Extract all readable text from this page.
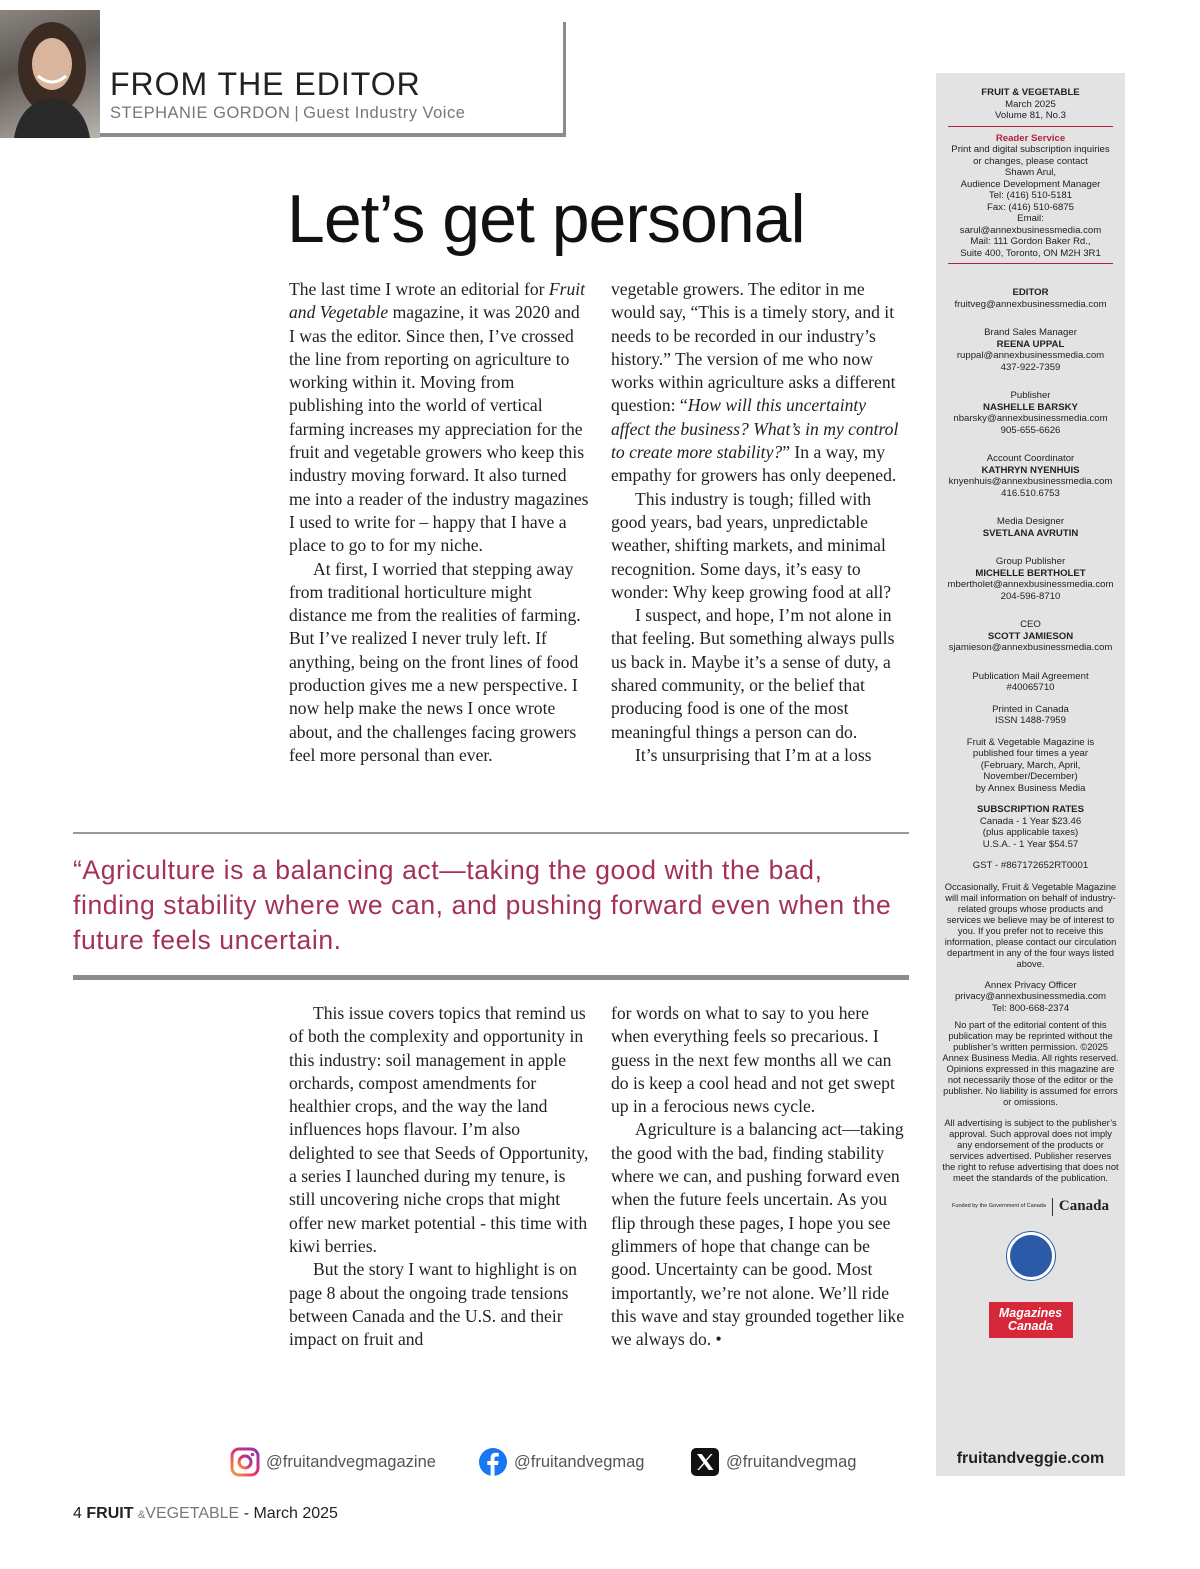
FROM THE EDITOR
STEPHANIE GORDON | Guest Industry Voice
Let’s get personal

The last time I wrote an editorial for Fruit and Vegetable magazine, it was 2020 and I was the editor. Since then, I’ve crossed the line from reporting on agriculture to working within it. Moving from publishing into the world of vertical farming increases my appreciation for the fruit and vegetable growers who keep this industry moving forward. It also turned me into a reader of the industry magazines I used to write for – happy that I have a place to go to for my niche.

At first, I worried that stepping away from traditional horticulture might distance me from the realities of farming. But I’ve realized I never truly left. If anything, being on the front lines of food production gives me a new perspective. I now help make the news I once wrote about, and the challenges facing growers feel more personal than ever.

vegetable growers. The editor in me would say, “This is a timely story, and it needs to be recorded in our industry’s history.” The version of me who now works within agriculture asks a different question: “How will this uncertainty affect the business? What’s in my control to create more stability?” In a way, my empathy for growers has only deepened.

This industry is tough; filled with good years, bad years, unpredictable weather, shifting markets, and minimal recognition. Some days, it’s easy to wonder: Why keep growing food at all?

I suspect, and hope, I’m not alone in that feeling. But something always pulls us back in. Maybe it’s a sense of duty, a shared community, or the belief that producing food is one of the most meaningful things a person can do.

It’s unsurprising that I’m at a loss

“Agriculture is a balancing act—taking the good with the bad, finding stability where we can, and pushing forward even when the future feels uncertain.

This issue covers topics that remind us of both the complexity and opportunity in this industry: soil management in apple orchards, compost amendments for healthier crops, and the way the land influences hops flavour. I’m also delighted to see that Seeds of Opportunity, a series I launched during my tenure, is still uncovering niche crops that might offer new market potential - this time with kiwi berries.

But the story I want to highlight is on page 8 about the ongoing trade tensions between Canada and the U.S. and their impact on fruit and

for words on what to say to you here when everything feels so precarious. I guess in the next few months all we can do is keep a cool head and not get swept up in a ferocious news cycle.

Agriculture is a balancing act—taking the good with the bad, finding stability where we can, and pushing forward even when the future feels uncertain. As you flip through these pages, I hope you see glimmers of hope that change can be good. Uncertainty can be good. Most importantly, we’re not alone. We’ll ride this wave and stay grounded together like we always do. •

FRUIT & VEGETABLE
March 2025
Volume 81, No.3
Reader Service
Print and digital subscription inquiries
or changes, please contact
Shawn Arul,
Audience Development Manager
Tel: (416) 510-5181
Fax: (416) 510-6875
Email:
sarul@annexbusinessmedia.com
Mail: 111 Gordon Baker Rd.,
Suite 400, Toronto, ON M2H 3R1
EDITOR
fruitveg@annexbusinessmedia.com
Brand Sales Manager
REENA UPPAL
ruppal@annexbusinessmedia.com
437-922-7359
Publisher
NASHELLE BARSKY
nbarsky@annexbusinessmedia.com
905-655-6626
Account Coordinator
KATHRYN NYENHUIS
knyenhuis@annexbusinessmedia.com
416.510.6753
Media Designer
SVETLANA AVRUTIN
Group Publisher
MICHELLE BERTHOLET
mbertholet@annexbusinessmedia.com
204-596-8710
CEO
SCOTT JAMIESON
sjamieson@annexbusinessmedia.com
Publication Mail Agreement
#40065710
Printed in Canada
ISSN 1488-7959
Fruit & Vegetable Magazine is
published four times a year
(February, March, April,
November/December)
by Annex Business Media
SUBSCRIPTION RATES
Canada - 1 Year $23.46
(plus applicable taxes)
U.S.A. - 1 Year $54.57
GST - #867172652RT0001
Occasionally, Fruit & Vegetable Magazine will mail information on behalf of industry-related groups whose products and services we believe may be of interest to you. If you prefer not to receive this information, please contact our circulation department in any of the four ways listed above.
Annex Privacy Officer
privacy@annexbusinessmedia.com
Tel: 800-668-2374
No part of the editorial content of this publication may be reprinted without the publisher’s written permission. ©2025 Annex Business Media. All rights reserved. Opinions expressed in this magazine are not necessarily those of the editor or the publisher. No liability is assumed for errors or omissions.
All advertising is subject to the publisher’s approval. Such approval does not imply any endorsement of the products or services advertised. Publisher reserves the right to refuse advertising that does not meet the standards of the publication.
Funded by the Government of Canada Canada
Magazines
Canada
fruitandveggie.com
@fruitandvegmagazine	@fruitandvegmag	@fruitandvegmag
4 FRUIT &VEGETABLE - March 2025
